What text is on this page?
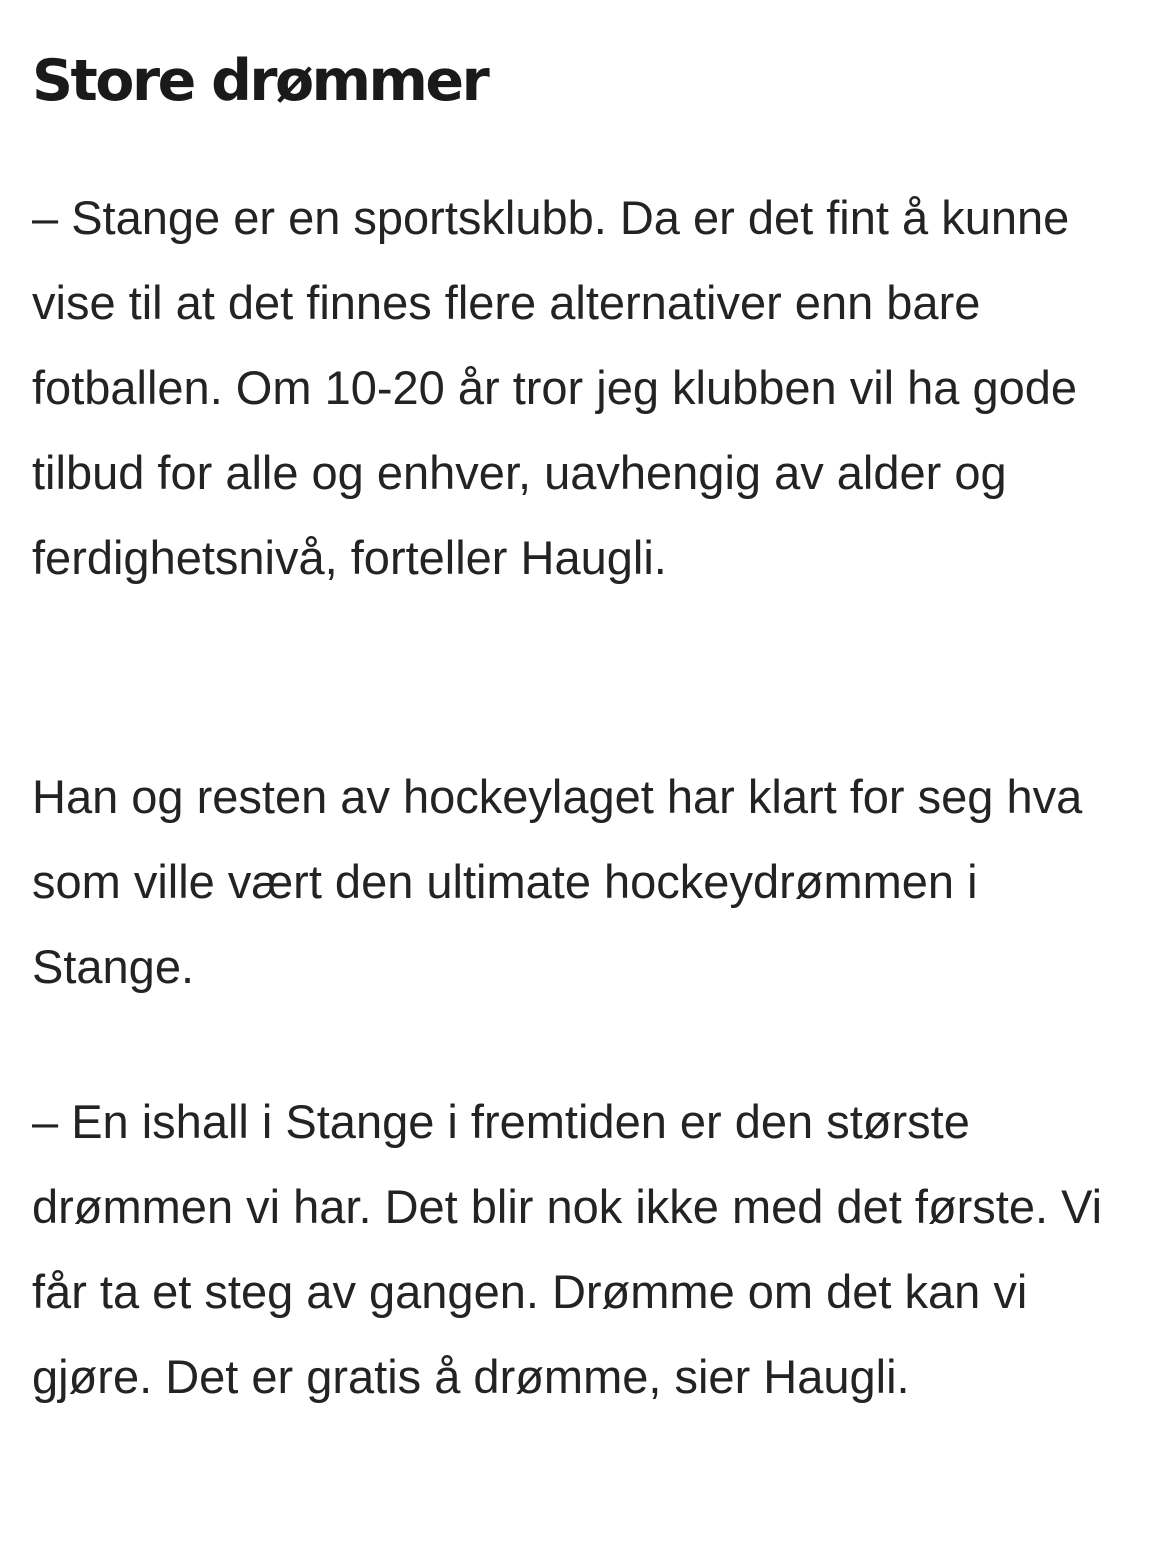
Store drømmer

– Stange er en sportsklubb. Da er det fint å kunne vise til at det finnes flere alternativer enn bare fotballen. Om 10-20 år tror jeg klubben vil ha gode tilbud for alle og enhver, uavhengig av alder og ferdighetsnivå, forteller Haugli.

Han og resten av hockeylaget har klart for seg hva som ville vært den ultimate hockeydrømmen i Stange.

– En ishall i Stange i fremtiden er den største drømmen vi har. Det blir nok ikke med det første. Vi får ta et steg av gangen. Drømme om det kan vi gjøre. Det er gratis å drømme, sier Haugli.
